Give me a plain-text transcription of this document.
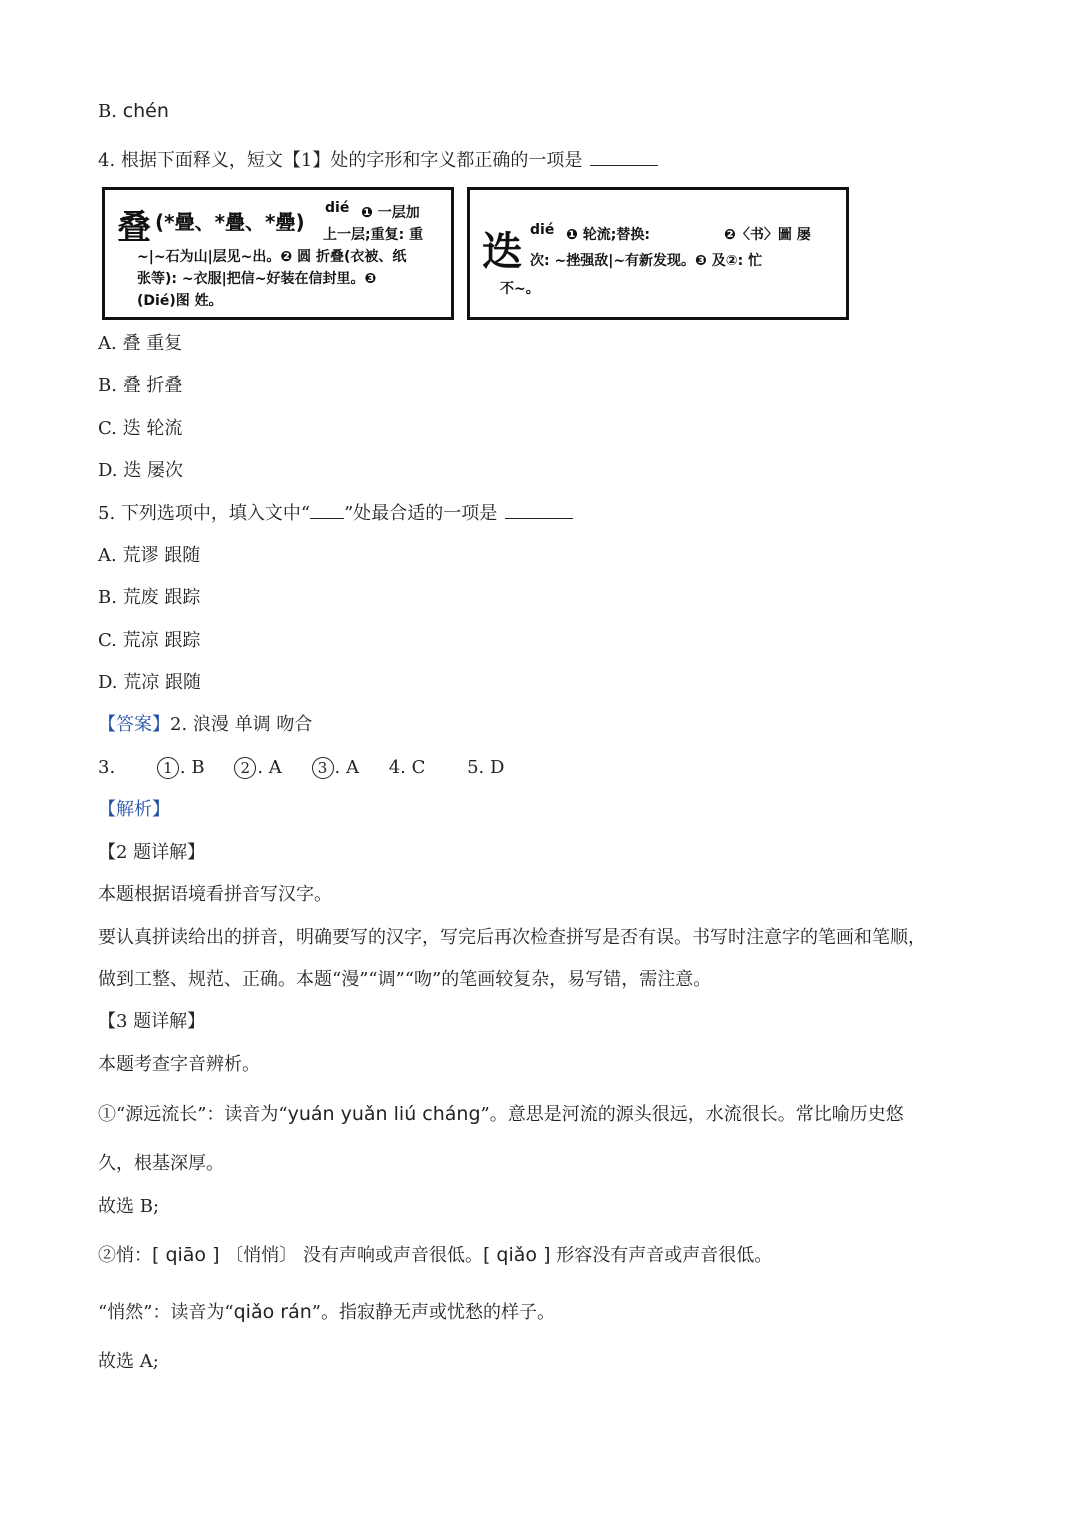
B. chén
4. 根据下面释义，短文【1】处的字形和字义都正确的一项是
叠 (*曡、*疊、*疉)
dié ❶ 一层加
上一层;重复: 重
~|~石为山|层见~出。❷ 圆 折叠(衣被、纸
张等): ~衣服|把信~好装在信封里。❸
(Dié)图 姓。
迭 dié ❶ 轮流;替换:	❷〈书〉圖 屡
次: ~挫强敌|~有新发现。❸ 及②: 忙
不~。
A. 叠 重复
B. 叠 折叠
C. 迭 轮流
D. 迭 屡次
5. 下列选项中，填入文中“ ”处最合适的一项是
A. 荒谬 跟随
B. 荒废 跟踪
C. 荒凉 跟踪
D. 荒凉 跟随
【答案】2. 浪漫 单调 吻合
3.	1 . B 2 . A 3 . A 4. C 5. D
【解析】
【2 题详解】
本题根据语境看拼音写汉字。
要认真拼读给出的拼音，明确要写的汉字，写完后再次检查拼写是否有误。书写时注意字的笔画和笔顺，
做到工整、规范、正确。本题“漫”“调”“吻”的笔画较复杂，易写错，需注意。
【3 题详解】
本题考查字音辨析。
①“源远流长”：读音为“yuán yuǎn liú cháng”。意思是河流的源头很远，水流很长。常比喻历史悠
久，根基深厚。
故选 B;
②悄：[ qiāo ] 〔悄悄〕 没有声响或声音很低。[ qiǎo ] 形容没有声音或声音很低。
“悄然”：读音为“qiǎo rán”。指寂静无声或忧愁的样子。
故选 A;
